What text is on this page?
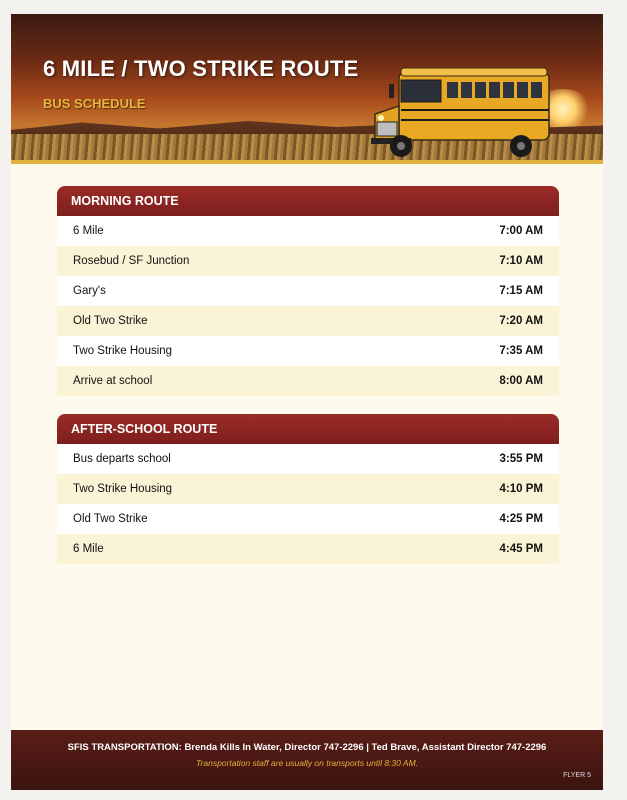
6 MILE / TWO STRIKE ROUTE
BUS SCHEDULE
MORNING ROUTE
6 Mile	7:00 AM
Rosebud / SF Junction	7:10 AM
Gary's	7:15 AM
Old Two Strike	7:20 AM
Two Strike Housing	7:35 AM
Arrive at school	8:00 AM
AFTER-SCHOOL ROUTE
Bus departs school	3:55 PM
Two Strike Housing	4:10 PM
Old Two Strike	4:25 PM
6 Mile	4:45 PM
SFIS TRANSPORTATION: Brenda Kills In Water, Director 747-2296 | Ted Brave, Assistant Director 747-2296
Transportation staff are usually on transports until 8:30 AM.
FLYER 5
